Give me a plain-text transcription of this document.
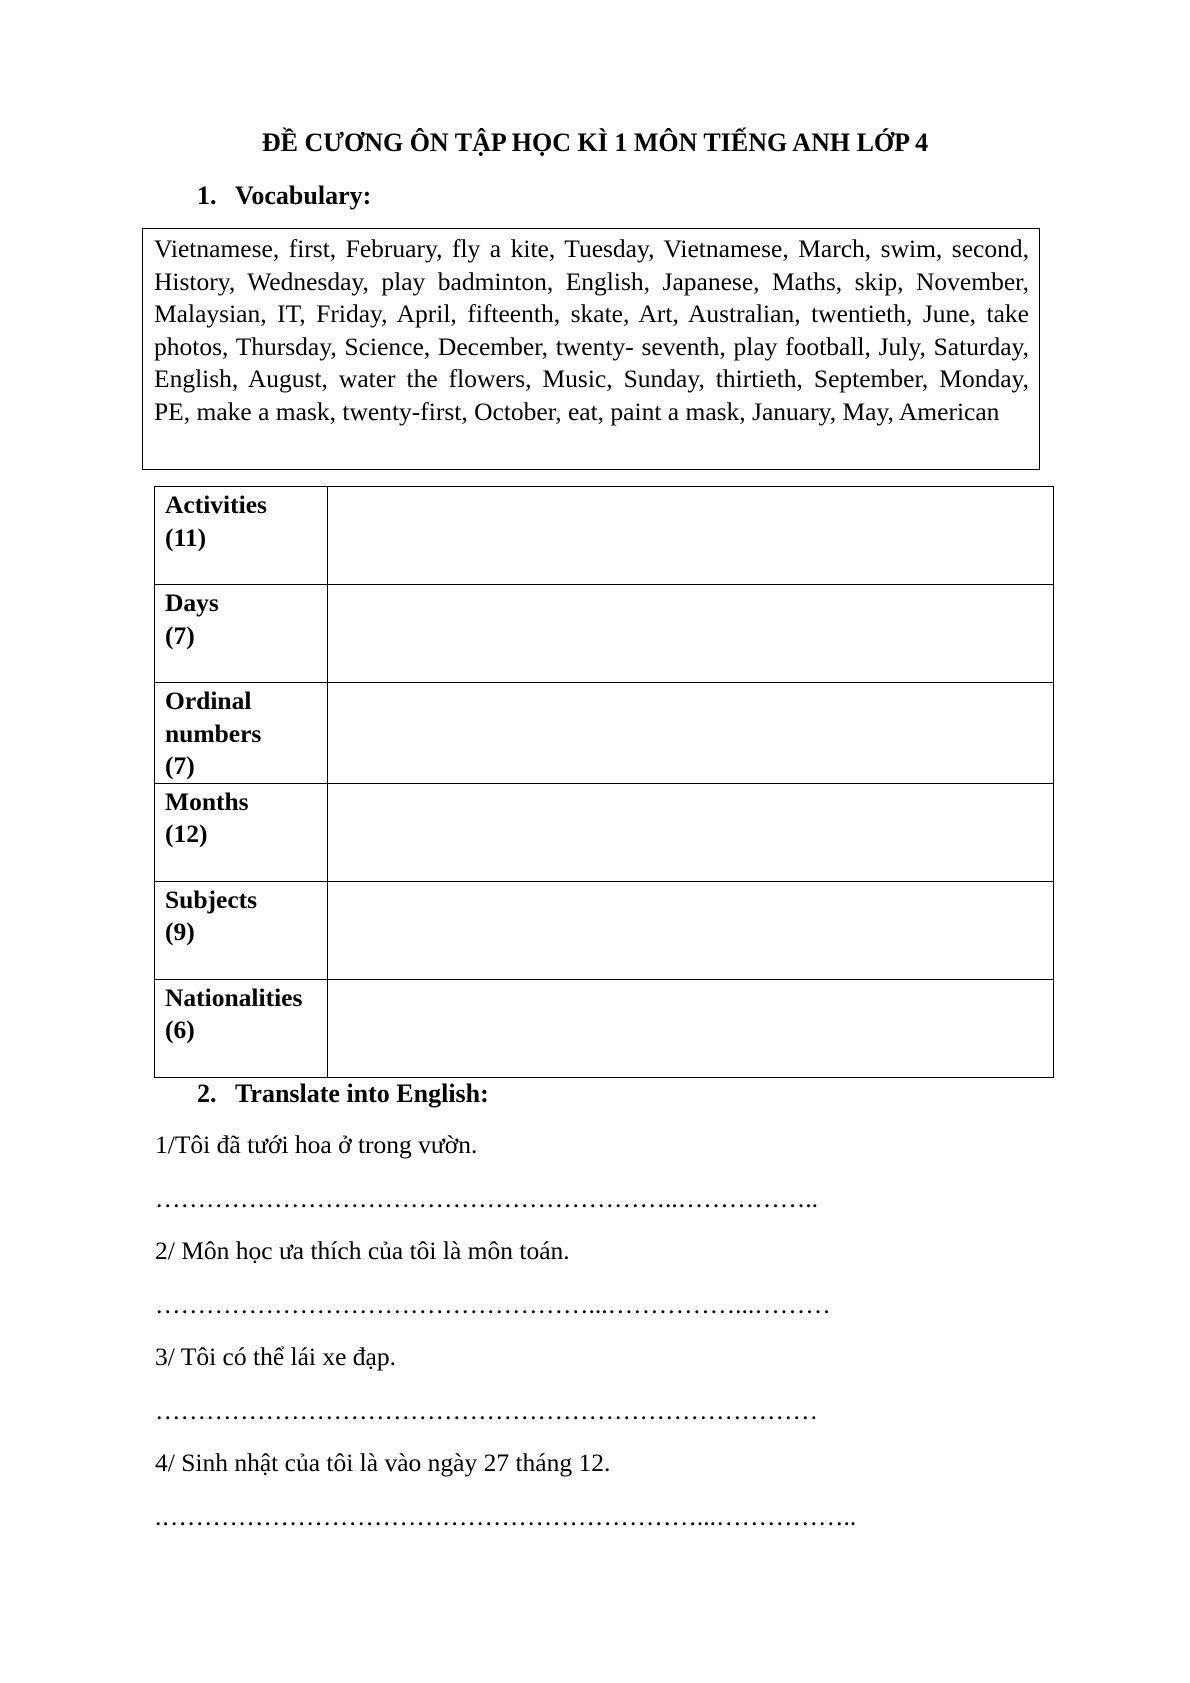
ĐỀ CƯƠNG ÔN TẬP HỌC KÌ 1 MÔN TIẾNG ANH LỚP 4
1. Vocabulary:
Vietnamese, first, February, fly a kite, Tuesday, Vietnamese, March, swim, second, History, Wednesday, play badminton, English, Japanese, Maths, skip, November, Malaysian, IT, Friday, April, fifteenth, skate, Art, Australian, twentieth, June, take photos, Thursday, Science, December, twenty- seventh, play football, July, Saturday, English, August, water the flowers, Music, Sunday, thirtieth, September, Monday, PE, make a mask, twenty-first, October, eat, paint a mask, January, May, American
Activities
(11)	

Days
(7)	

Ordinal numbers
(7)	

Months
(12)	

Subjects
(9)	

Nationalities
(6)	

2. Translate into English:
1/Tôi đã tưới hoa ở trong vườn.
……………………………………………………..……………..
2/ Môn học ưa thích của tôi là môn toán.
……………………………………………...……………...………
3/ Tôi có thể lái xe đạp.
……………………………………………………………………
4/ Sinh nhật của tôi là vào ngày 27 tháng 12.
.………………………………………………………...……………..
